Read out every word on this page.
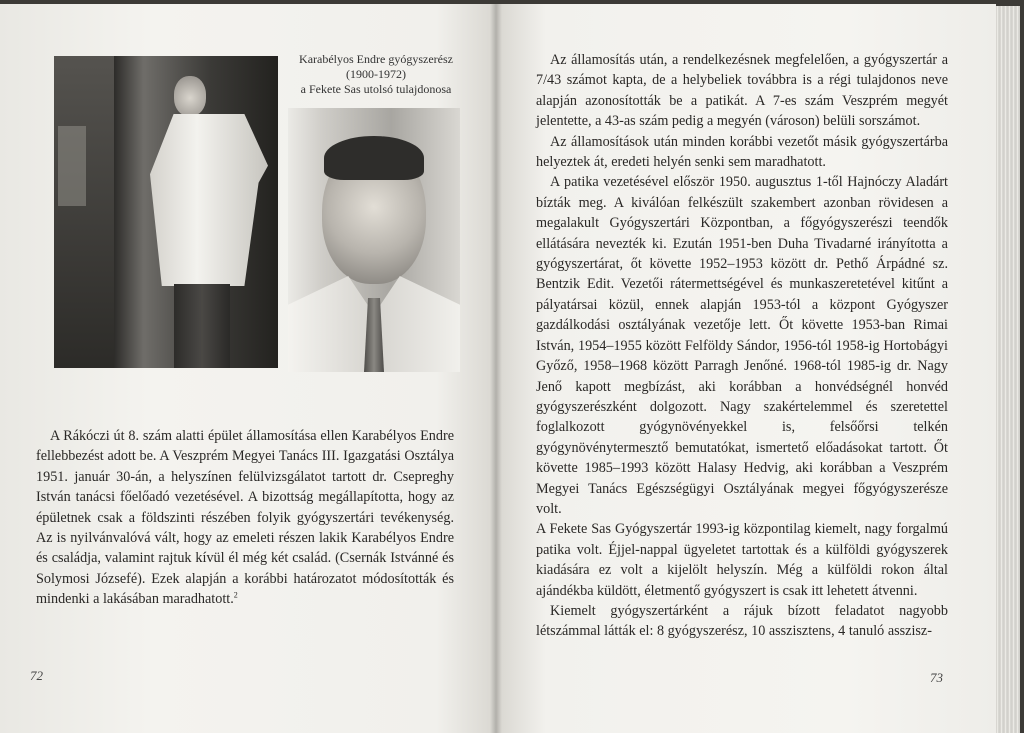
Karabélyos Endre gyógyszerész
(1900-1972)
a Fekete Sas utolsó tulajdonosa

A Rákóczi út 8. szám alatti épület államosítása ellen Karabélyos Endre fellebbezést adott be. A Veszprém Megyei Tanács III. Igazgatási Osztálya 1951. január 30-án, a helyszínen felülvizsgálatot tartott dr. Csepreghy István tanácsi főelőadó vezetésével. A bizottság megállapította, hogy az épületnek csak a földszinti részében folyik gyógyszertári tevékenység. Az is nyilvánvalóvá vált, hogy az emeleti részen lakik Karabélyos Endre és családja, valamint rajtuk kívül él még két család. (Csernák Istvánné és Solymosi Józsefé). Ezek alapján a korábbi határozatot módosították és mindenki a lakásában maradhatott.$^2$

72

Az államosítás után, a rendelkezésnek megfelelően, a gyógyszertár a 7/43 számot kapta, de a helybeliek továbbra is a régi tulajdonos neve alapján azonosították be a patikát. A 7-es szám Veszprém megyét jelentette, a 43-as szám pedig a megyén (városon) belüli sorszámot.

Az államosítások után minden korábbi vezetőt másik gyógyszertárba helyeztek át, eredeti helyén senki sem maradhatott.

A patika vezetésével először 1950. augusztus 1-től Hajnóczy Aladárt bízták meg. A kiválóan felkészült szakembert azonban rövidesen a megalakult Gyógyszertári Központban, a főgyógyszerészi teendők ellátására nevezték ki. Ezután 1951-ben Duha Tivadarné irányította a gyógyszertárat, őt követte 1952–1953 között dr. Pethő Árpádné sz. Bentzik Edit. Vezetői rátermettségével és munkaszeretetével kitűnt a pályatársai közül, ennek alapján 1953-tól a központ Gyógyszer gazdálkodási osztályának vezetője lett. Őt követte 1953-ban Rimai István, 1954–1955 között Felföldy Sándor, 1956-tól 1958-ig Hortobágyi Győző, 1958–1968 között Parragh Jenőné. 1968-tól 1985-ig dr. Nagy Jenő kapott megbízást, aki korábban a honvédségnél honvéd gyógyszerészként dolgozott. Nagy szakértelemmel és szeretettel foglalkozott gyógynövényekkel is, felsőőrsi telkén gyógynövénytermesztő bemutatókat, ismertető előadásokat tartott. Őt követte 1985–1993 között Halasy Hedvig, aki korábban a Veszprém Megyei Tanács Egészségügyi Osztályának megyei főgyógyszerésze volt.

A Fekete Sas Gyógyszertár 1993-ig központilag kiemelt, nagy forgalmú patika volt. Éjjel-nappal ügyeletet tartottak és a külföldi gyógyszerek kiadására ez volt a kijelölt helyszín. Még a külföldi rokon által ajándékba küldött, életmentő gyógyszert is csak itt lehetett átvenni.

Kiemelt gyógyszertárként a rájuk bízott feladatot nagyobb létszámmal látták el: 8 gyógyszerész, 10 asszisztens, 4 tanuló asszisz-

73
